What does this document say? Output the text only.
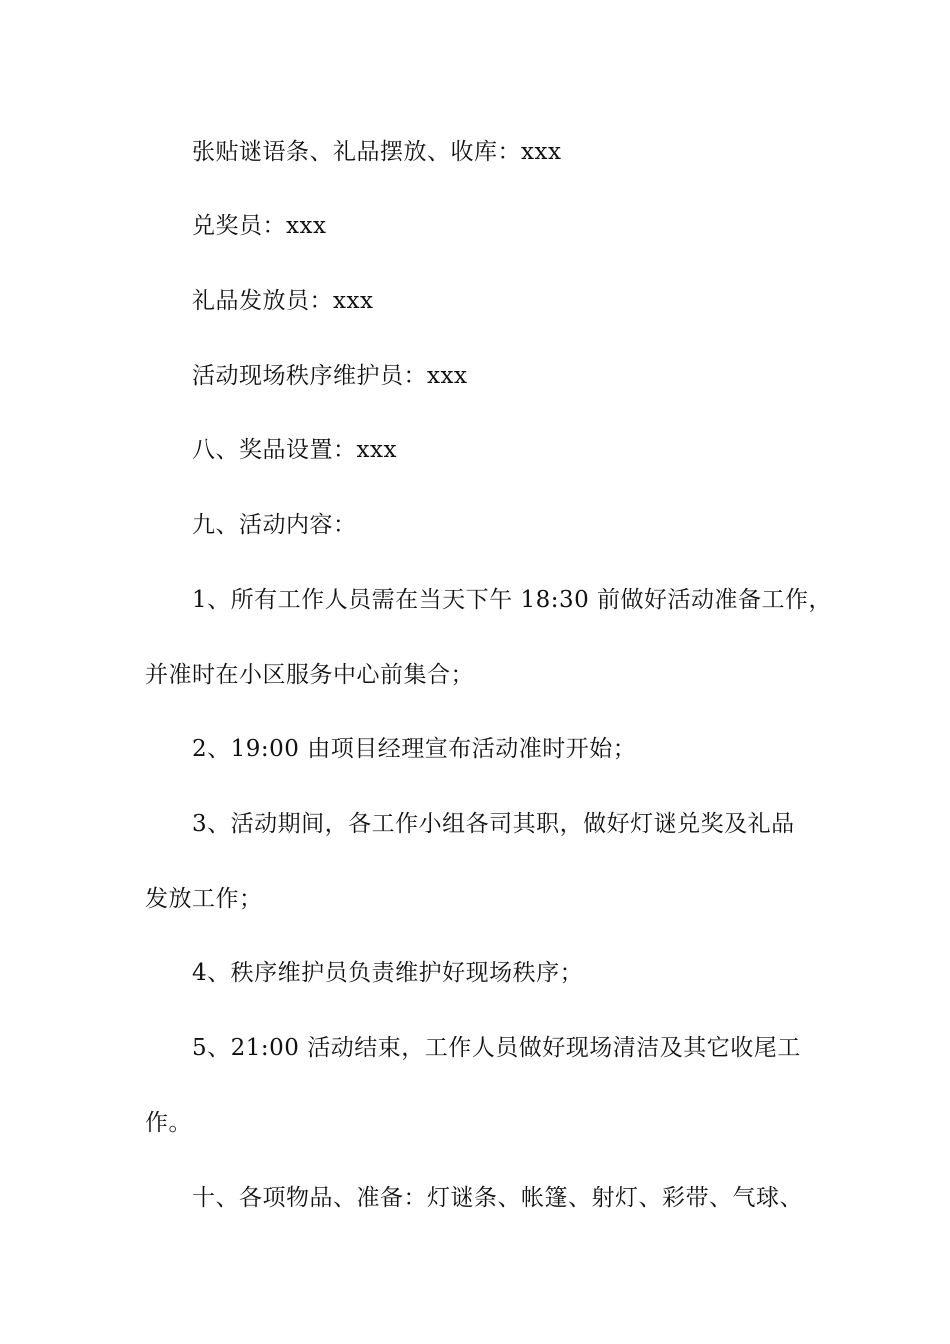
张贴谜语条、礼品摆放、收库：xxx
兑奖员：xxx
礼品发放员：xxx
活动现场秩序维护员：xxx
八、奖品设置：xxx
九、活动内容：
1、所有工作人员需在当天下午 18:30 前做好活动准备工作，
并准时在小区服务中心前集合；
2、19:00 由项目经理宣布活动准时开始；
3、活动期间，各工作小组各司其职，做好灯谜兑奖及礼品
发放工作；
4、秩序维护员负责维护好现场秩序；
5、21:00 活动结束，工作人员做好现场清洁及其它收尾工
作。
十、各项物品、准备：灯谜条、帐篷、射灯、彩带、气球、
